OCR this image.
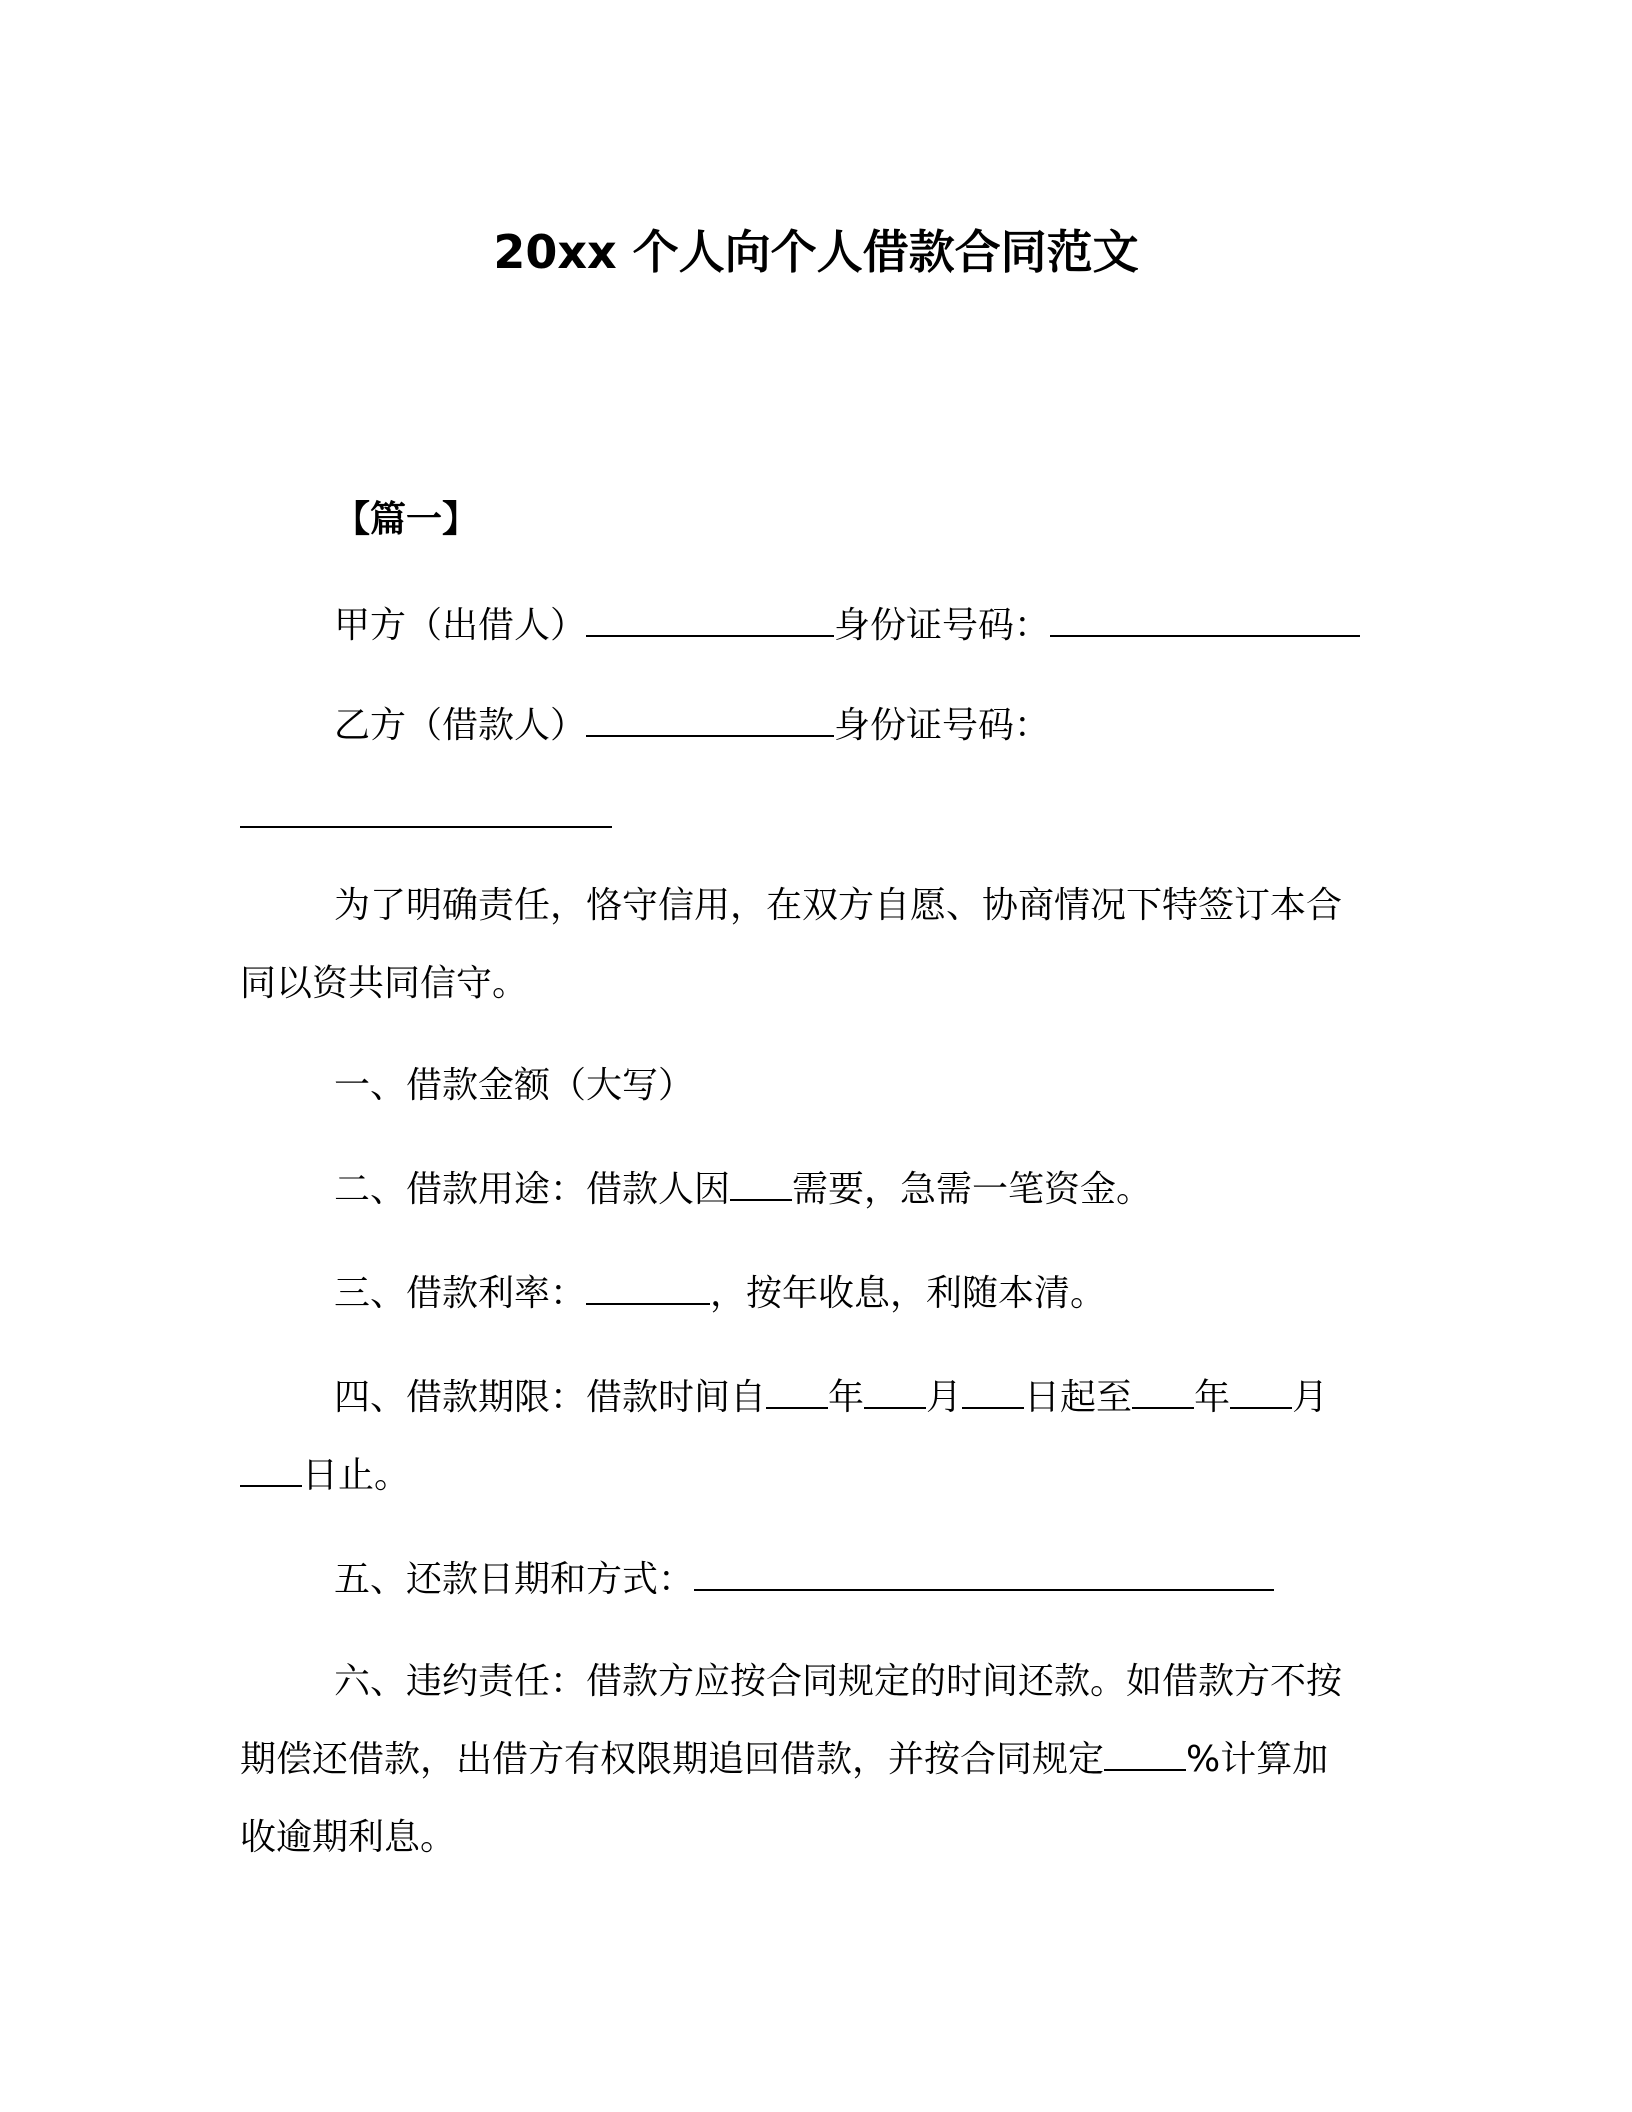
20xx 个人向个人借款合同范文
【篇一】
甲方（出借人）	身份证号码：
乙方（借款人）	身份证号码：
为了明确责任，恪守信用，在双方自愿、协商情况下特签订本合
同以资共同信守。
一、借款金额（大写）
二、借款用途：借款人因 需要，急需一笔资金。
三、借款利率：	，按年收息，利随本清。
四、借款期限：借款时间自 年 月 日起至 年 月
日止。
五、还款日期和方式：
六、违约责任：借款方应按合同规定的时间还款。如借款方不按
期偿还借款，出借方有权限期追回借款，并按合同规定 %计算加
收逾期利息。
